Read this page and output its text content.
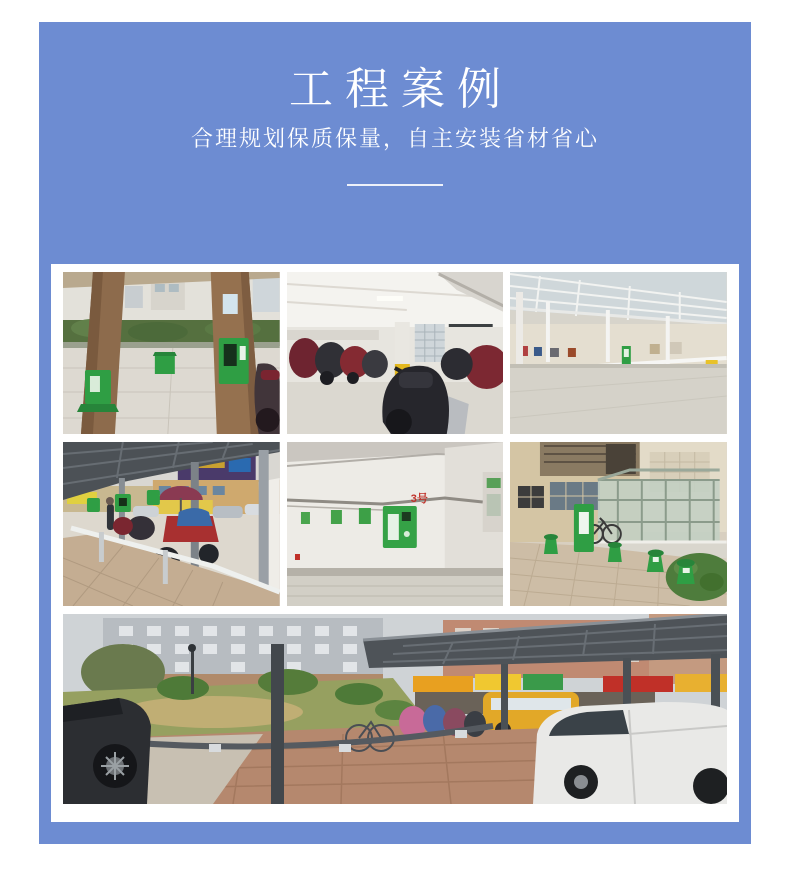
工程案例

合理规划保质保量，自主安装省材省心

3号
